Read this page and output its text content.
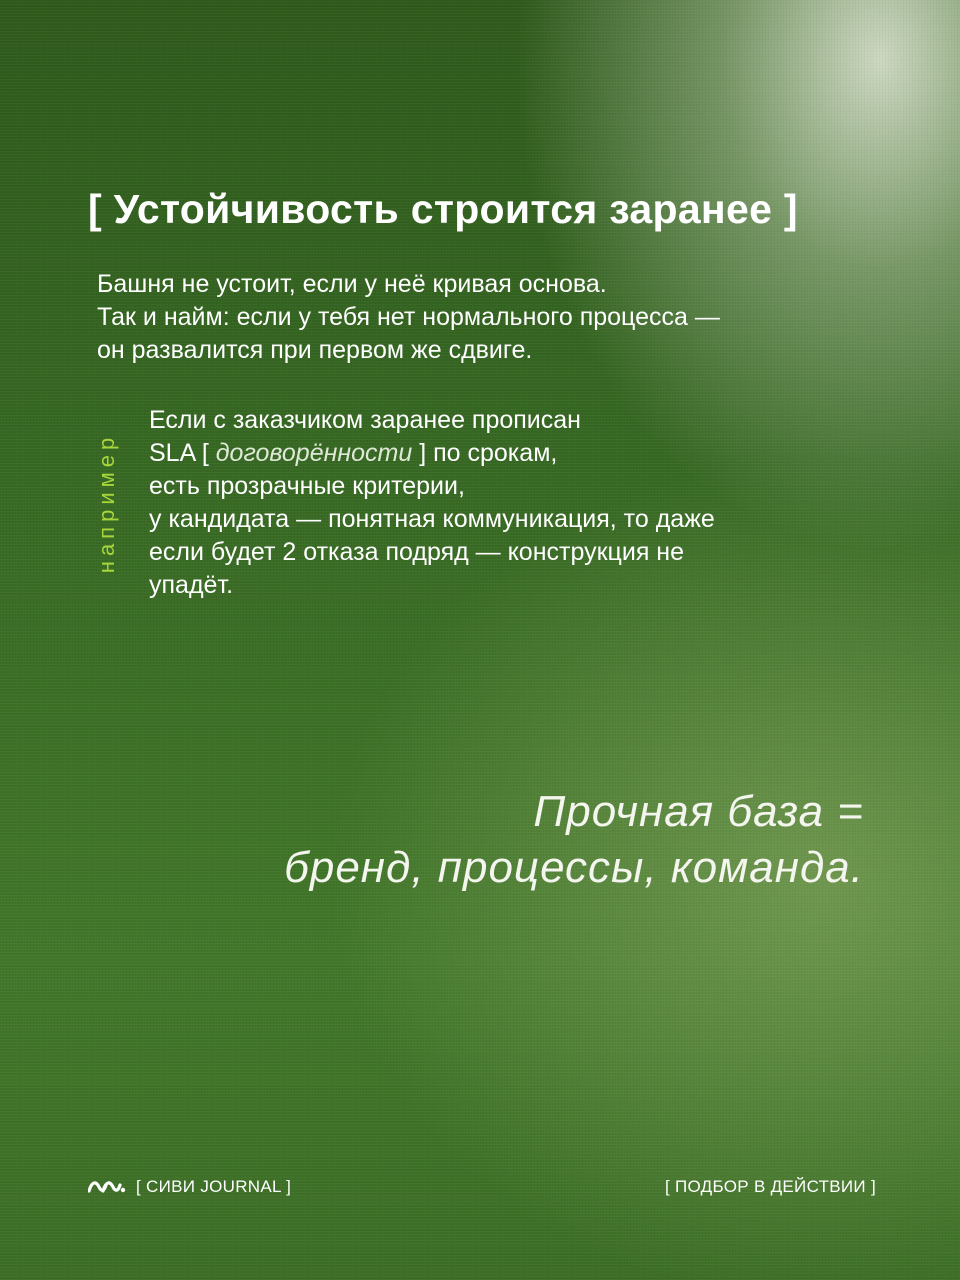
[ Устойчивость строится заранее ]
Башня не устоит, если у неё кривая основа.
Так и найм: если у тебя нет нормального процесса —
он развалится при первом же сдвиге.
например
Если с заказчиком заранее прописан
SLA [ договорённости ] по срокам,
есть прозрачные критерии,
у кандидата — понятная коммуникация, то даже
если будет 2 отказа подряд — конструкция не
упадёт.
Прочная база =
бренд, процессы, команда.
[ СИВИ JOURNAL ]	[ ПОДБОР В ДЕЙСТВИИ ]
